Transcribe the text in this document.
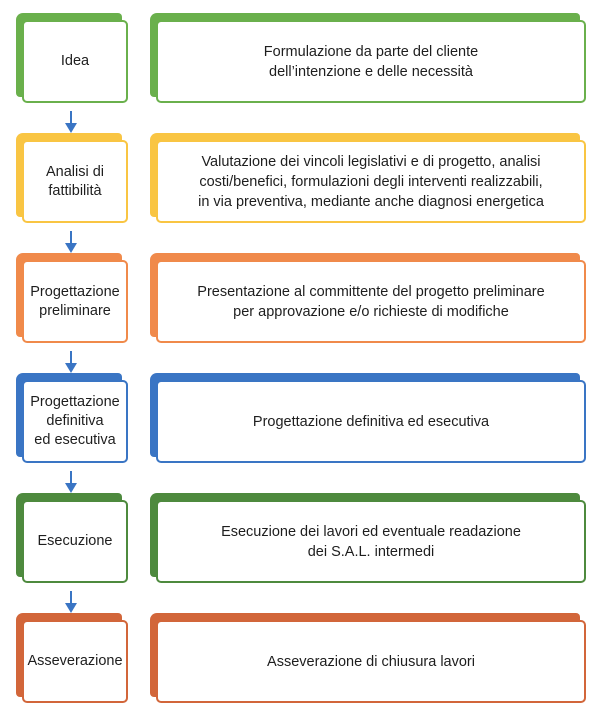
Idea
Formulazione da parte del cliente
dell’intenzione e delle necessità
Analisi di
fattibilità
Valutazione dei vincoli legislativi e di progetto, analisi
costi/benefici, formulazioni degli interventi realizzabili,
in via preventiva, mediante anche diagnosi energetica
Progettazione
preliminare
Presentazione al committente del progetto preliminare
per approvazione e/o richieste di modifiche
Progettazione
definitiva
ed esecutiva
Progettazione definitiva ed esecutiva
Esecuzione
Esecuzione dei lavori ed eventuale readazione
dei S.A.L. intermedi
Asseverazione	Asseverazione di chiusura lavori
